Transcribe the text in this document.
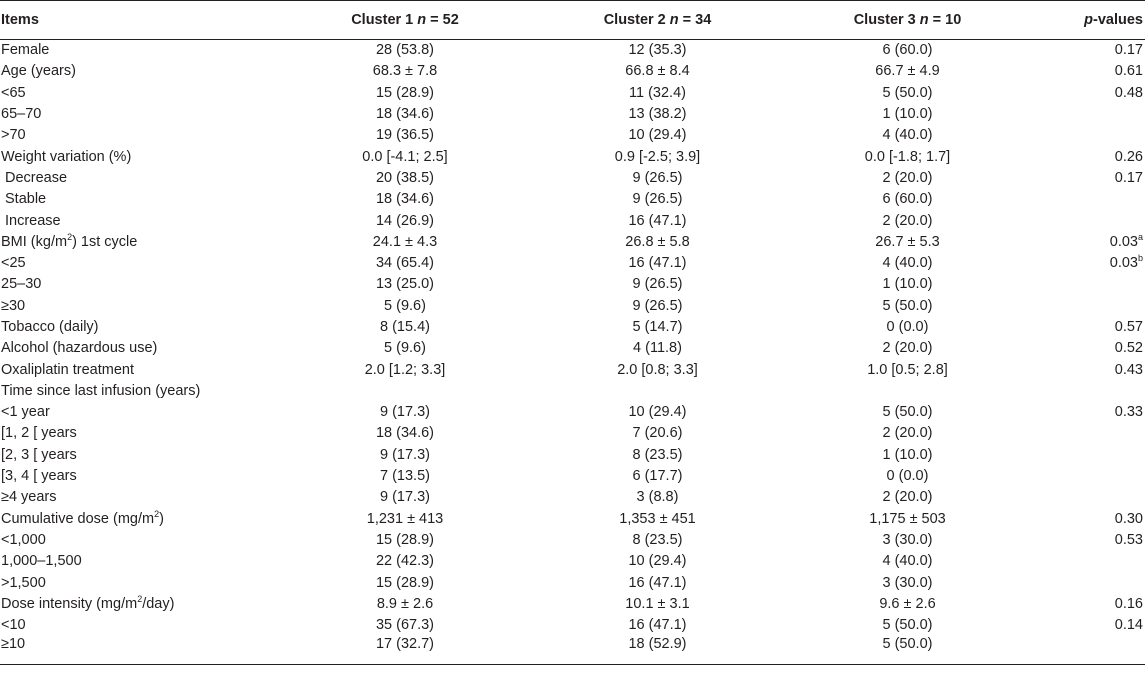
Items	Cluster 1 n = 52	Cluster 2 n = 34	Cluster 3 n = 10	p-values
Female	28 (53.8)	12 (35.3)	6 (60.0)	0.17
Age (years)	68.3 ± 7.8	66.8 ± 8.4	66.7 ± 4.9	0.61
<65	15 (28.9)	11 (32.4)	5 (50.0)	0.48
65–70	18 (34.6)	13 (38.2)	1 (10.0)	
>70	19 (36.5)	10 (29.4)	4 (40.0)	
Weight variation (%)	0.0 [-4.1; 2.5]	0.9 [-2.5; 3.9]	0.0 [-1.8; 1.7]	0.26
Decrease	20 (38.5)	9 (26.5)	2 (20.0)	0.17
Stable	18 (34.6)	9 (26.5)	6 (60.0)	
Increase	14 (26.9)	16 (47.1)	2 (20.0)	
BMI $(kg/m^2)$ 1st cycle	24.1 ± 4.3	26.8 ± 5.8	26.7 ± 5.3	0.03$^a$
<25	34 (65.4)	16 (47.1)	4 (40.0)	0.03$^b$
25–30	13 (25.0)	9 (26.5)	1 (10.0)	
≥30	5 (9.6)	9 (26.5)	5 (50.0)	
Tobacco (daily)	8 (15.4)	5 (14.7)	0 (0.0)	0.57
Alcohol (hazardous use)	5 (9.6)	4 (11.8)	2 (20.0)	0.52
Oxaliplatin treatment	2.0 [1.2; 3.3]	2.0 [0.8; 3.3]	1.0 [0.5; 2.8]	0.43
Time since last infusion (years)				
<1 year	9 (17.3)	10 (29.4)	5 (50.0)	0.33
[1, 2 [ years	18 (34.6)	7 (20.6)	2 (20.0)	
[2, 3 [ years	9 (17.3)	8 (23.5)	1 (10.0)	
[3, 4 [ years	7 (13.5)	6 (17.7)	0 (0.0)	
≥4 years	9 (17.3)	3 (8.8)	2 (20.0)	
Cumulative dose $(mg/m^2)$	1,231 ± 413	1,353 ± 451	1,175 ± 503	0.30
<1,000	15 (28.9)	8 (23.5)	3 (30.0)	0.53
1,000–1,500	22 (42.3)	10 (29.4)	4 (40.0)	
>1,500	15 (28.9)	16 (47.1)	3 (30.0)	
Dose intensity $(mg/m^2/day)$	8.9 ± 2.6	10.1 ± 3.1	9.6 ± 2.6	0.16
<10	35 (67.3)	16 (47.1)	5 (50.0)	0.14
≥10	17 (32.7)	18 (52.9)	5 (50.0)	
